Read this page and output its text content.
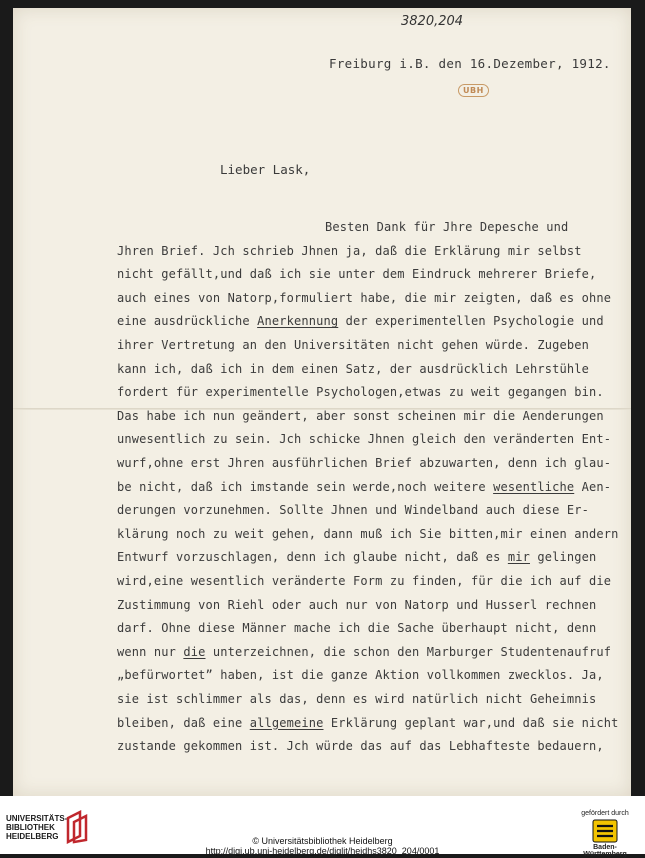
3820,204
Freiburg i.B. den 16.Dezember, 1912.
UBH
Lieber Lask,
Besten Dank für Jhre Depesche und
Jhren Brief. Jch schrieb Jhnen ja, daß die Erklärung mir selbst
nicht gefällt,und daß ich sie unter dem Eindruck mehrerer Briefe,
auch eines von Natorp,formuliert habe, die mir zeigten, daß es ohne
eine ausdrückliche Anerkennung der experimentellen Psychologie und
ihrer Vertretung an den Universitäten nicht gehen würde. Zugeben
kann ich, daß ich in dem einen Satz, der ausdrücklich Lehrstühle
fordert für experimentelle Psychologen,etwas zu weit gegangen bin.
Das habe ich nun geändert, aber sonst scheinen mir die Aenderungen
unwesentlich zu sein. Jch schicke Jhnen gleich den veränderten Ent-
wurf,ohne erst Jhren ausführlichen Brief abzuwarten, denn ich glau-
be nicht, daß ich imstande sein werde,noch weitere wesentliche Aen-
derungen vorzunehmen. Sollte Jhnen und Windelband auch diese Er-
klärung noch zu weit gehen, dann muß ich Sie bitten,mir einen andern
Entwurf vorzuschlagen, denn ich glaube nicht, daß es mir gelingen
wird,eine wesentlich veränderte Form zu finden, für die ich auf die
Zustimmung von Riehl oder auch nur von Natorp und Husserl rechnen
darf. Ohne diese Männer mache ich die Sache überhaupt nicht, denn
wenn nur die unterzeichnen, die schon den Marburger Studentenaufruf
„befürwortet” haben, ist die ganze Aktion vollkommen zwecklos. Ja,
sie ist schlimmer als das, denn es wird natürlich nicht Geheimnis
bleiben, daß eine allgemeine Erklärung geplant war,und daß sie nicht
zustande gekommen ist. Jch würde das auf das Lebhafteste bedauern,
UNIVERSITÄTS-
BIBLIOTHEK
HEIDELBERG	© Universitätsbibliothek Heidelberg
http://digi.ub.uni-heidelberg.de/diglit/heidhs3820_204/0001
gefördert durch
Baden-Württemberg
